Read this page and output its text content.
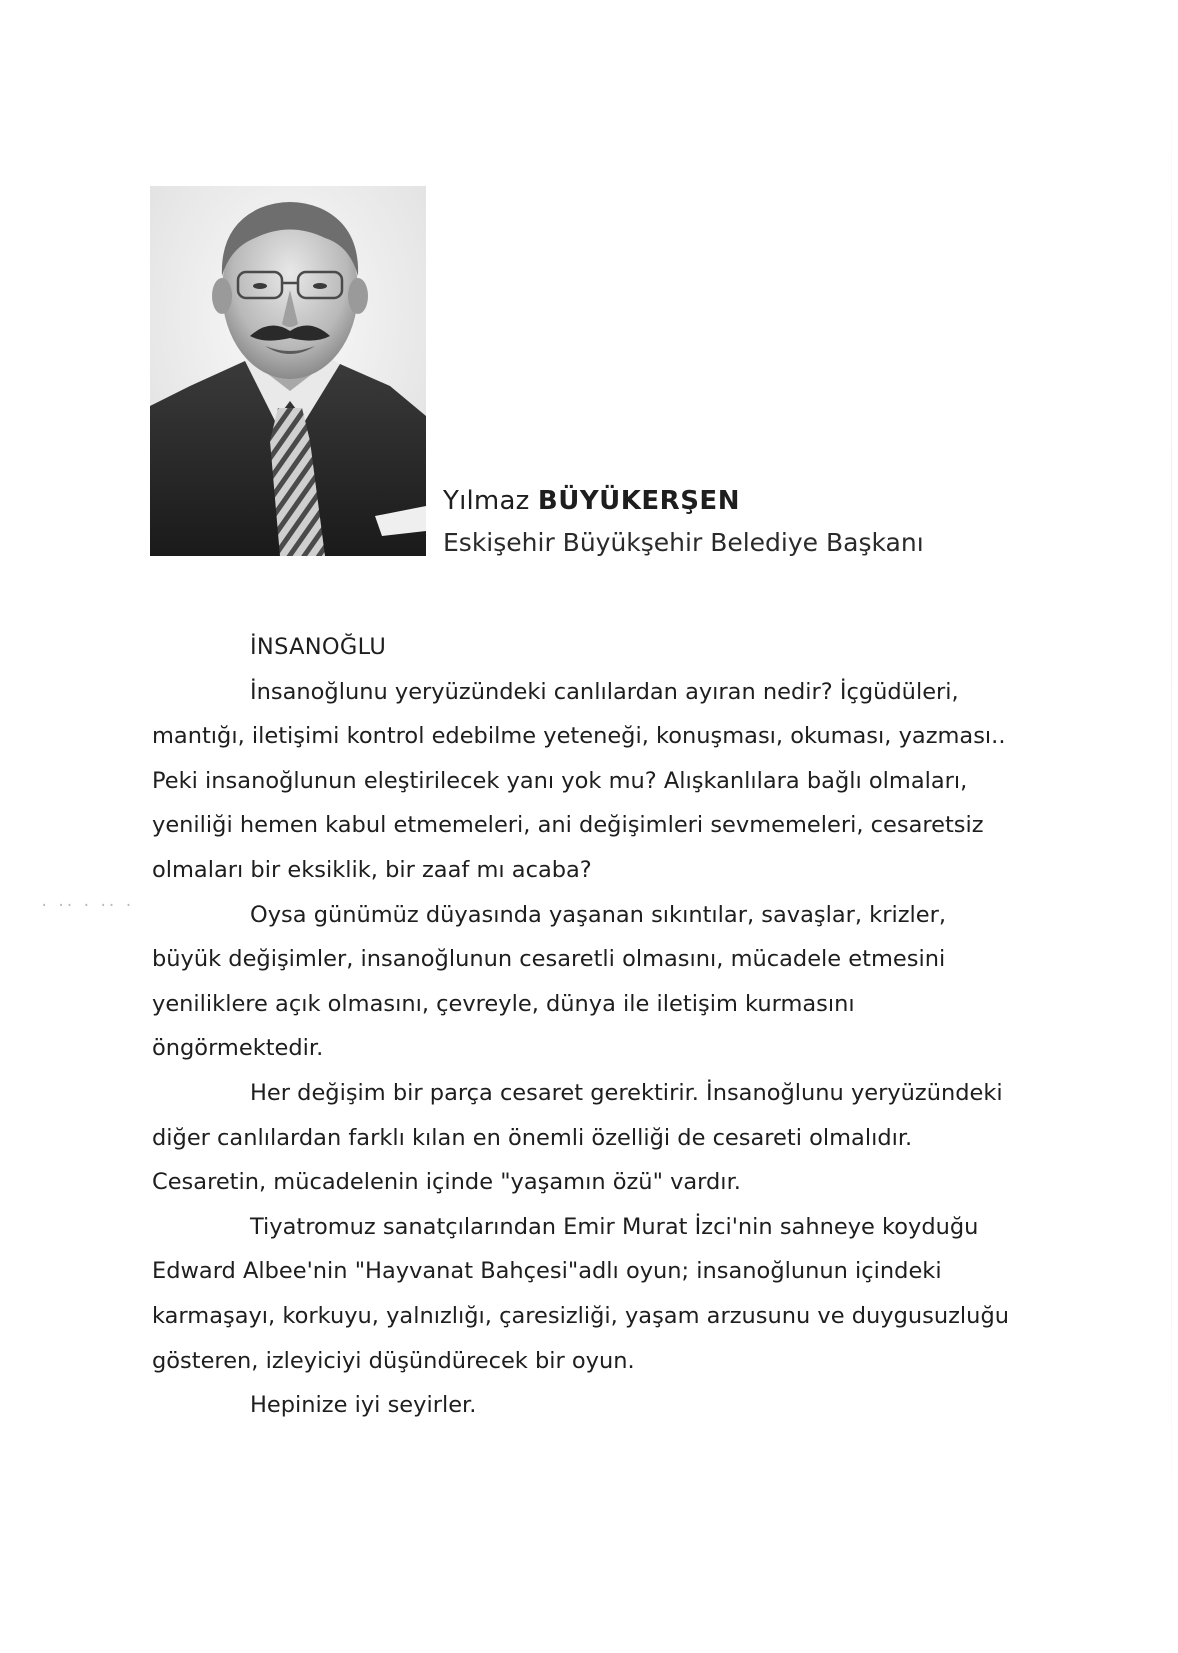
· ·· · ·· ·
Yılmaz BÜYÜKERŞEN
Eskişehir Büyükşehir Belediye Başkanı
İNSANOĞLU

İnsanoğlunu yeryüzündeki canlılardan ayıran nedir? İçgüdüleri, mantığı, iletişimi kontrol edebilme yeteneği, konuşması, okuması, yazması.. Peki insanoğlunun eleştirilecek yanı yok mu? Alışkanlılara bağlı olmaları, yeniliği hemen kabul etmemeleri, ani değişimleri sevmemeleri, cesaretsiz olmaları bir eksiklik, bir zaaf mı acaba?

Oysa günümüz düyasında yaşanan sıkıntılar, savaşlar, krizler, büyük değişimler, insanoğlunun cesaretli olmasını, mücadele etmesini yeniliklere açık olmasını, çevreyle, dünya ile iletişim kurmasını öngörmektedir.

Her değişim bir parça cesaret gerektirir. İnsanoğlunu yeryüzündeki diğer canlılardan farklı kılan en önemli özelliği de cesareti olmalıdır. Cesaretin, mücadelenin içinde "yaşamın özü" vardır.

Tiyatromuz sanatçılarından Emir Murat İzci'nin sahneye koyduğu Edward Albee'nin "Hayvanat Bahçesi"adlı oyun; insanoğlunun içindeki karmaşayı, korkuyu, yalnızlığı, çaresizliği, yaşam arzusunu ve duygusuzluğu gösteren, izleyiciyi düşündürecek bir oyun.

Hepinize iyi seyirler.
